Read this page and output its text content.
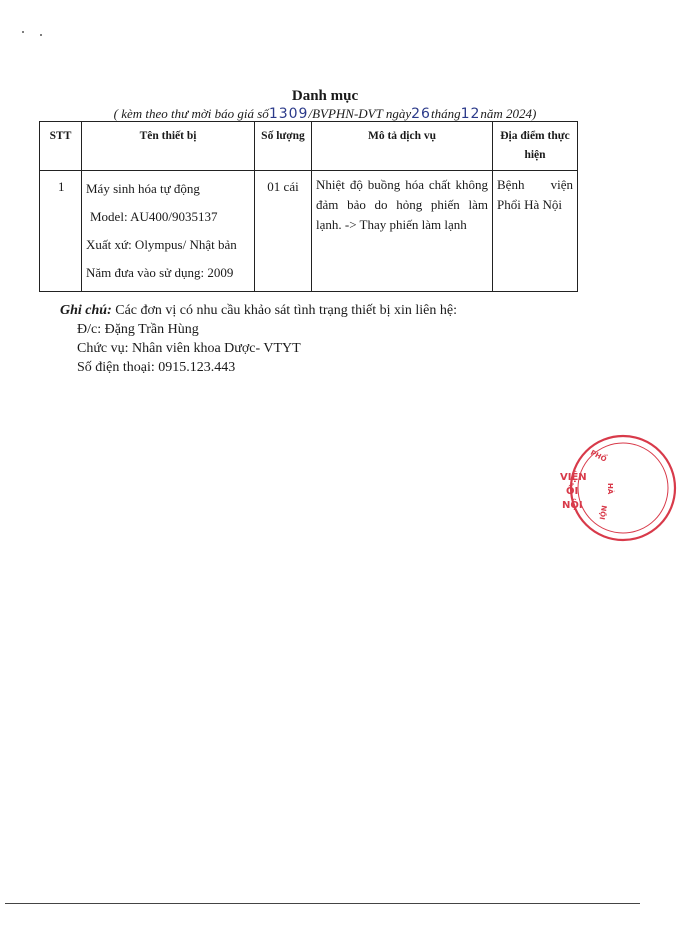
Danh mục
( kèm theo thư mời báo giá số1309/BVPHN-DVT ngày26tháng12năm 2024)
STT	Tên thiết bị	Số lượng	Mô tả dịch vụ	Địa điểm thực hiện
1	Máy sinh hóa tự động
Model: AU400/9035137
Xuất xứ: Olympus/ Nhật bản
Năm đưa vào sử dụng: 2009	01 cái	Nhiệt độ buồng hóa chất không đảm bảo do hỏng phiến làm lạnh. -> Thay phiến làm lạnh	Bệnh viện Phổi Hà Nội
Ghi chú: Các đơn vị có nhu cầu khảo sát tình trạng thiết bị xin liên hệ:
Đ/c: Đặng Trần Hùng
Chức vụ: Nhân viên khoa Dược- VTYT
Số điện thoại: 0915.123.443
PHỔ
HÀ
NỘI
VIỆN
ỔI
NỘI
